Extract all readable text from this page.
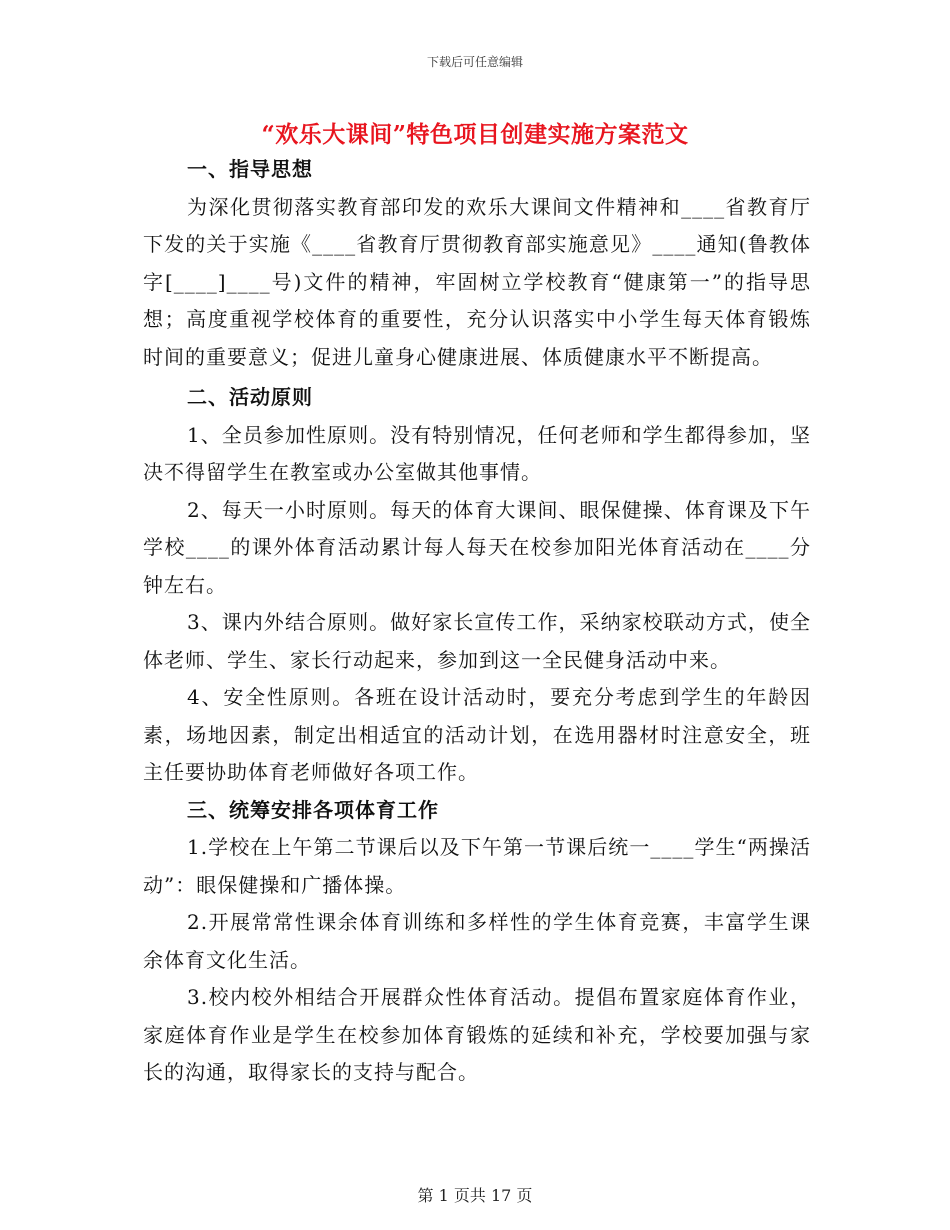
下载后可任意编辑
“欢乐大课间”特色项目创建实施方案范文

一、指导思想

为深化贯彻落实教育部印发的欢乐大课间文件精神和____省教育厅下发的关于实施《____省教育厅贯彻教育部实施意见》____通知(鲁教体字[____]____号)文件的精神，牢固树立学校教育“健康第一”的指导思想；高度重视学校体育的重要性，充分认识落实中小学生每天体育锻炼时间的重要意义；促进儿童身心健康进展、体质健康水平不断提高。

二、活动原则

1、全员参加性原则。没有特别情况，任何老师和学生都得参加，坚决不得留学生在教室或办公室做其他事情。

2、每天一小时原则。每天的体育大课间、眼保健操、体育课及下午学校____的课外体育活动累计每人每天在校参加阳光体育活动在____分钟左右。

3、课内外结合原则。做好家长宣传工作，采纳家校联动方式，使全体老师、学生、家长行动起来，参加到这一全民健身活动中来。

4、安全性原则。各班在设计活动时，要充分考虑到学生的年龄因素，场地因素，制定出相适宜的活动计划，在选用器材时注意安全，班主任要协助体育老师做好各项工作。

三、统筹安排各项体育工作

1.学校在上午第二节课后以及下午第一节课后统一____学生“两操活动”：眼保健操和广播体操。

2.开展常常性课余体育训练和多样性的学生体育竞赛，丰富学生课余体育文化生活。

3.校内校外相结合开展群众性体育活动。提倡布置家庭体育作业，家庭体育作业是学生在校参加体育锻炼的延续和补充，学校要加强与家长的沟通，取得家长的支持与配合。

第 1 页共 17 页
